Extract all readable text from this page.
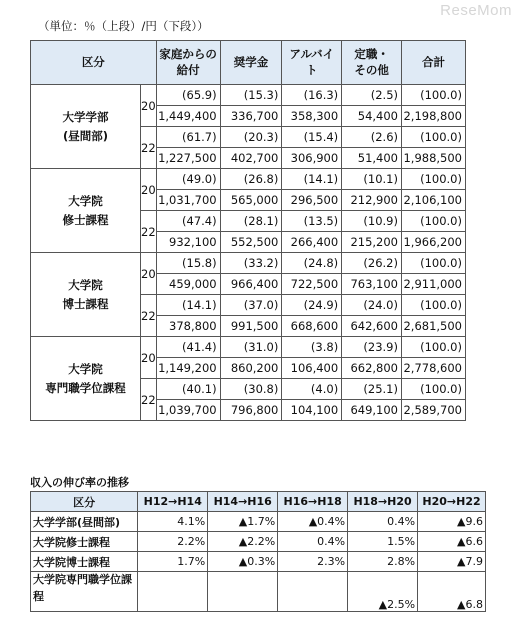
ReseMom
（単位：％（上段）/円（下段））
区分		家庭からの給付	奨学金	アルバイト	定職・その他	合計

大学学部
(昼間部)	20	(65.9)	(15.3)	(16.3)	(2.5)	(100.0)
		1,449,400	336,700	358,300	54,400	2,198,800
	22	(61.7)	(20.3)	(15.4)	(2.6)	(100.0)
		1,227,500	402,700	306,900	51,400	1,988,500

大学院
修士課程	20	(49.0)	(26.8)	(14.1)	(10.1)	(100.0)
		1,031,700	565,000	296,500	212,900	2,106,100
	22	(47.4)	(28.1)	(13.5)	(10.9)	(100.0)
		932,100	552,500	266,400	215,200	1,966,200

大学院
博士課程	20	(15.8)	(33.2)	(24.8)	(26.2)	(100.0)
		459,000	966,400	722,500	763,100	2,911,000
	22	(14.1)	(37.0)	(24.9)	(24.0)	(100.0)
		378,800	991,500	668,600	642,600	2,681,500

大学院
専門職学位課程	20	(41.4)	(31.0)	(3.8)	(23.9)	(100.0)
		1,149,200	860,200	106,400	662,800	2,778,600
	22	(40.1)	(30.8)	(4.0)	(25.1)	(100.0)
		1,039,700	796,800	104,100	649,100	2,589,700
収入の伸び率の推移
区分	H12→H14	H14→H16	H16→H18	H18→H20	H20→H22
大学学部(昼間部)	4.1%	▲1.7%	▲0.4%	0.4%	▲9.6
大学院修士課程	2.2%	▲2.2%	0.4%	1.5%	▲6.6
大学院博士課程	1.7%	▲0.3%	2.3%	2.8%	▲7.9
大学院専門職学位課程				▲2.5%	▲6.8
